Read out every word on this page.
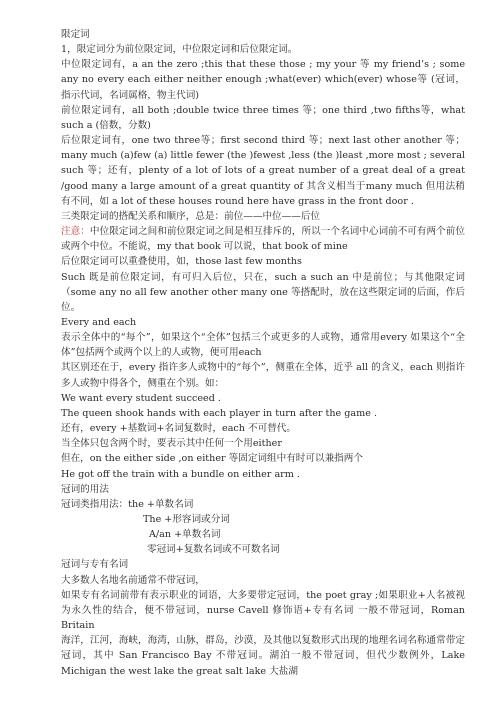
限定词
1，限定词分为前位限定词，中位限定词和后位限定词。
中位限定词有，a an the zero ;this that these those ; my your 等 my friend’s ; some any no every each either neither enough ;what(ever) which(ever) whose等 (冠词，指示代词，名词属格，物主代词)
前位限定词有，all both ;double twice three times 等；one third ,two fifths等，what such a (倍数，分数)
后位限定词有，one two three等；first second third 等；next last other another 等；many much (a)few (a) little fewer (the )fewest ,less (the )least ,more most ; several such 等；还有，plenty of a lot of lots of a great number of a great deal of a great /good many a large amount of a great quantity of 其含义相当于many much 但用法稍有不同，如 a lot of these houses round here have grass in the front door .
三类限定词的搭配关系和顺序，总是：前位——中位——后位
注意：中位限定词之间和前位限定词之间是相互排斥的，所以一个名词中心词前不可有两个前位或两个中位。不能说，my that book 可以说，that book of mine
后位限定词可以重叠使用，如，those last few months
Such 既是前位限定词，有可归入后位，只在，such a such an 中是前位；与其他限定词（some any no all few another other many one 等搭配时，放在这些限定词的后面，作后位。
Every and each
表示全体中的“每个”，如果这个“全体”包括三个或更多的人或物，通常用every 如果这个“全体”包括两个或两个以上的人或物，便可用each
其区别还在于，every 指许多人或物中的“每个”，侧重在全体，近乎 all 的含义，each 则指许多人或物中得各个，侧重在个别。如：
We want every student succeed .
The queen shook hands with each player in turn after the game .
还有，every +基数词+名词复数时，each 不可替代。
当全体只包含两个时，要表示其中任何一个用either
但在，on the either side ,on either 等固定词组中有时可以兼指两个
He got off the train with a bundle on either arm .
冠词的用法
冠词类指用法：the +单数名词
The +形容词或分词
A/an +单数名词
零冠词+复数名词或不可数名词
冠词与专有名词
大多数人名地名前通常不带冠词，
如果专有名词前带有表示职业的词语，大多要带定冠词，the poet gray ;如果职业+人名被视为永久性的结合，便不带冠词，nurse Cavell 修饰语+专有名词 一般不带冠词，Roman Britain
海洋，江河，海峡，海湾，山脉，群岛，沙漠，及其他以复数形式出现的地理名词名称通常带定冠词，其中 San Francisco Bay 不带冠词。湖泊一般不带冠词，但代少数例外，Lake Michigan the west lake the great salt lake 大盐湖
